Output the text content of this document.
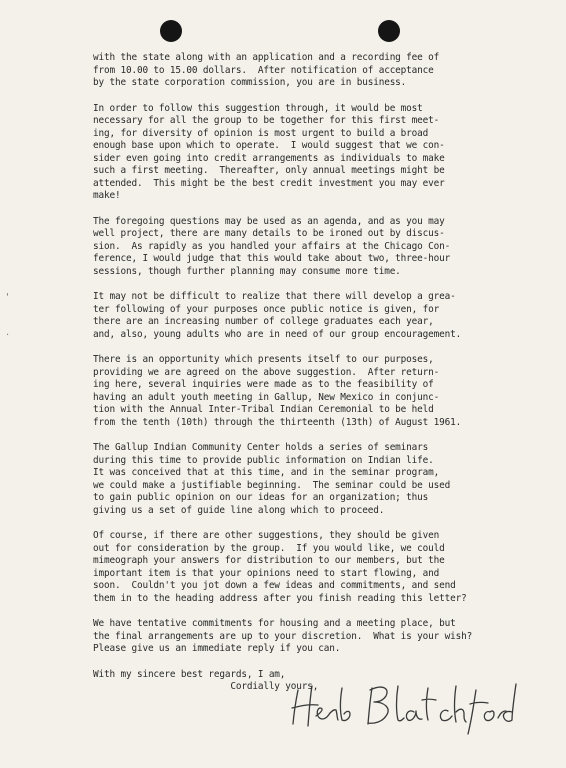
'
·
with the state along with an application and a recording fee of
from 10.00 to 15.00 dollars.  After notification of acceptance
by the state corporation commission, you are in business.
In order to follow this suggestion through, it would be most
necessary for all the group to be together for this first meet-
ing, for diversity of opinion is most urgent to build a broad
enough base upon which to operate.  I would suggest that we con-
sider even going into credit arrangements as individuals to make
such a first meeting.  Thereafter, only annual meetings might be
attended.  This might be the best credit investment you may ever
make!
The foregoing questions may be used as an agenda, and as you may
well project, there are many details to be ironed out by discus-
sion.  As rapidly as you handled your affairs at the Chicago Con-
ference, I would judge that this would take about two, three-hour
sessions, though further planning may consume more time.
It may not be difficult to realize that there will develop a grea-
ter following of your purposes once public notice is given, for
there are an increasing number of college graduates each year,
and, also, young adults who are in need of our group encouragement.
There is an opportunity which presents itself to our purposes,
providing we are agreed on the above suggestion.  After return-
ing here, several inquiries were made as to the feasibility of
having an adult youth meeting in Gallup, New Mexico in conjunc-
tion with the Annual Inter-Tribal Indian Ceremonial to be held
from the tenth (10th) through the thirteenth (13th) of August 1961.
The Gallup Indian Community Center holds a series of seminars
during this time to provide public information on Indian life.
It was conceived that at this time, and in the seminar program,
we could make a justifiable beginning.  The seminar could be used
to gain public opinion on our ideas for an organization; thus
giving us a set of guide line along which to proceed.
Of course, if there are other suggestions, they should be given
out for consideration by the group.  If you would like, we could
mimeograph your answers for distribution to our members, but the
important item is that your opinions need to start flowing, and
soon.  Couldn't you jot down a few ideas and commitments, and send
them in to the heading address after you finish reading this letter?
We have tentative commitments for housing and a meeting place, but
the final arrangements are up to your discretion.  What is your wish?
Please give us an immediate reply if you can.
With my sincere best regards, I am,
Cordially yours,
